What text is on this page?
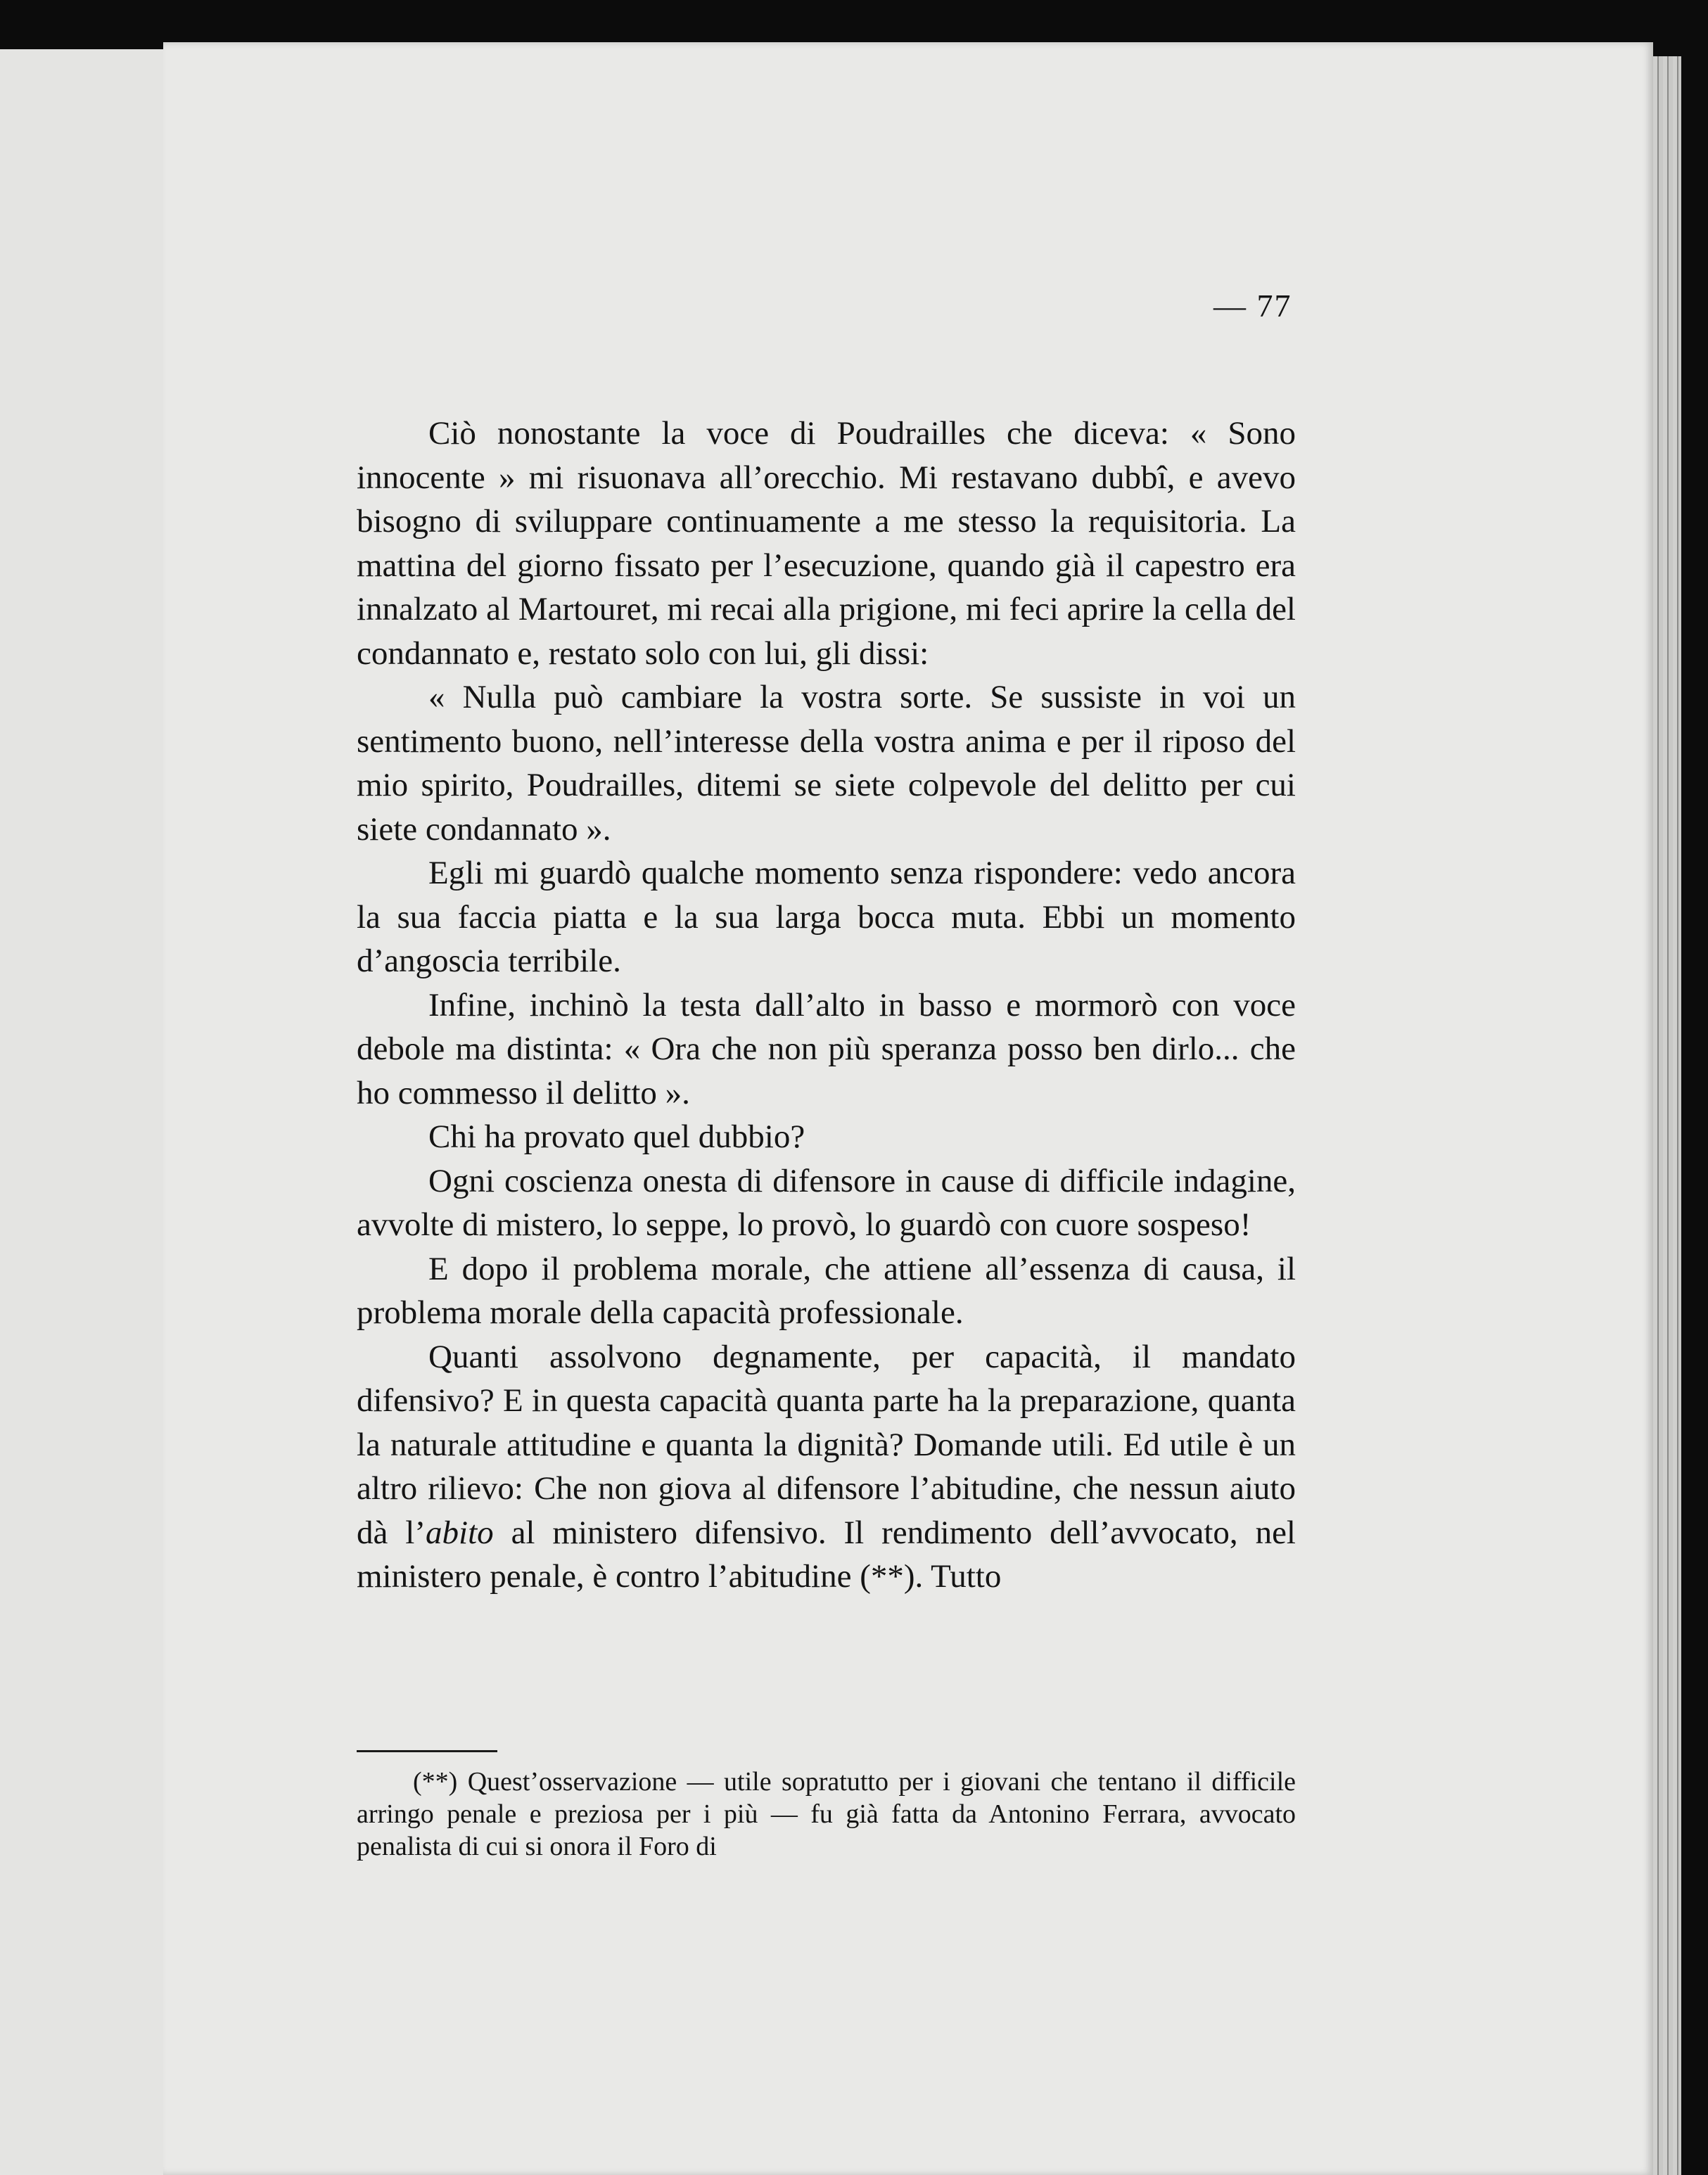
— 77

Ciò nonostante la voce di Poudrailles che diceva: « Sono innocente » mi risuonava all’orecchio. Mi restavano dubbî, e avevo bisogno di sviluppare continuamente a me stesso la requisitoria. La mattina del giorno fissato per l’esecuzione, quando già il capestro era innalzato al Martouret, mi recai alla prigione, mi feci aprire la cella del condannato e, restato solo con lui, gli dissi:

« Nulla può cambiare la vostra sorte. Se sussiste in voi un sentimento buono, nell’interesse della vostra anima e per il riposo del mio spirito, Poudrailles, ditemi se siete colpevole del delitto per cui siete condannato ».

Egli mi guardò qualche momento senza rispondere: vedo ancora la sua faccia piatta e la sua larga bocca muta. Ebbi un momento d’angoscia terribile.

Infine, inchinò la testa dall’alto in basso e mormorò con voce debole ma distinta: « Ora che non più speranza posso ben dirlo... che ho commesso il delitto ».

Chi ha provato quel dubbio?

Ogni coscienza onesta di difensore in cause di difficile indagine, avvolte di mistero, lo seppe, lo provò, lo guardò con cuore sospeso!

E dopo il problema morale, che attiene all’essenza di causa, il problema morale della capacità professionale.

Quanti assolvono degnamente, per capacità, il mandato difensivo? E in questa capacità quanta parte ha la preparazione, quanta la naturale attitudine e quanta la dignità? Domande utili. Ed utile è un altro rilievo: Che non giova al difensore l’abitudine, che nessun aiuto dà l’abito al ministero difensivo. Il rendimento dell’avvocato, nel ministero penale, è contro l’abitudine (**). Tutto

(**) Quest’osservazione — utile sopratutto per i giovani che tentano il difficile arringo penale e preziosa per i più — fu già fatta da Antonino Ferrara, avvocato penalista di cui si onora il Foro di
